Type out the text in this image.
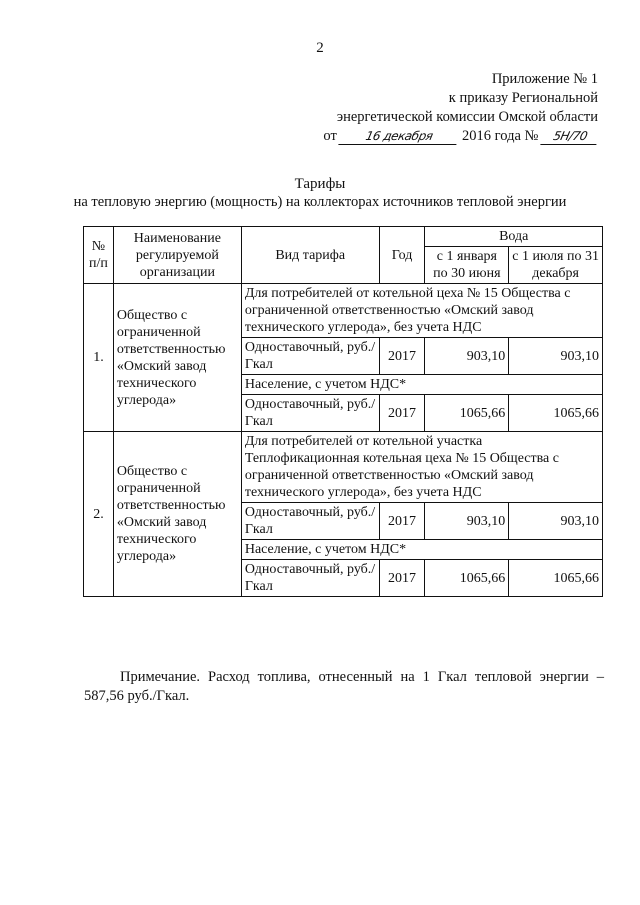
2
Приложение № 1
к приказу Региональной
энергетической комиссии Омской области
от 16 декабря 2016 года № 5Н/70
Тарифы
на тепловую энергию (мощность) на коллекторах источников тепловой энергии
№ п/п	Наименование регулируемой организации	Вид тарифа	Год	Вода	
				с 1 января по 30 июня	с 1 июля по 31 декабря
1.	Общество с ограниченной ответственностью «Омский завод технического углерода»	Для потребителей от котельной цеха № 15 Общества с ограниченной ответственностью «Омский завод технического углерода», без учета НДС			
		Одноставочный, руб./Гкал	2017	903,10	903,10
		Население, с учетом НДС*			
		Одноставочный, руб./Гкал	2017	1065,66	1065,66
2.	Общество с ограниченной ответственностью «Омский завод технического углерода»	Для потребителей от котельной участка Теплофикационная котельная цеха № 15 Общества с ограниченной ответственностью «Омский завод технического углерода», без учета НДС			
		Одноставочный, руб./Гкал	2017	903,10	903,10
		Население, с учетом НДС*			
		Одноставочный, руб./Гкал	2017	1065,66	1065,66
Примечание. Расход топлива, отнесенный на 1 Гкал тепловой энергии – 587,56 руб./Гкал.
